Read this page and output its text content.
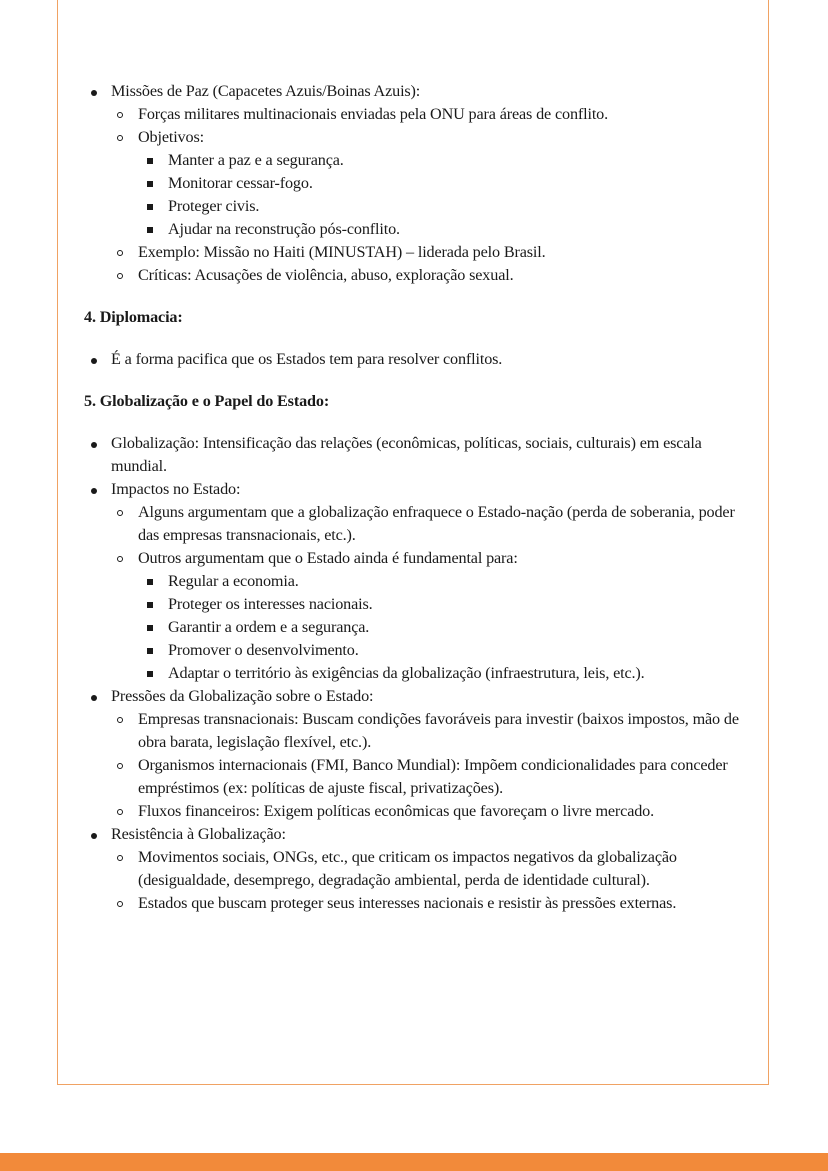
Missões de Paz (Capacetes Azuis/Boinas Azuis):
Forças militares multinacionais enviadas pela ONU para áreas de conflito.
Objetivos:
Manter a paz e a segurança.
Monitorar cessar-fogo.
Proteger civis.
Ajudar na reconstrução pós-conflito.
Exemplo: Missão no Haiti (MINUSTAH) – liderada pelo Brasil.
Críticas: Acusações de violência, abuso, exploração sexual.

4. Diplomacia:

É a forma pacifica que os Estados tem para resolver conflitos.

5. Globalização e o Papel do Estado:

Globalização: Intensificação das relações (econômicas, políticas, sociais, culturais) em escala mundial.
Impactos no Estado:
Alguns argumentam que a globalização enfraquece o Estado-nação (perda de soberania, poder das empresas transnacionais, etc.).
Outros argumentam que o Estado ainda é fundamental para:
Regular a economia.
Proteger os interesses nacionais.
Garantir a ordem e a segurança.
Promover o desenvolvimento.
Adaptar o território às exigências da globalização (infraestrutura, leis, etc.).
Pressões da Globalização sobre o Estado:
Empresas transnacionais: Buscam condições favoráveis para investir (baixos impostos, mão de obra barata, legislação flexível, etc.).
Organismos internacionais (FMI, Banco Mundial): Impõem condicionalidades para conceder empréstimos (ex: políticas de ajuste fiscal, privatizações).
Fluxos financeiros: Exigem políticas econômicas que favoreçam o livre mercado.
Resistência à Globalização:
Movimentos sociais, ONGs, etc., que criticam os impactos negativos da globalização (desigualdade, desemprego, degradação ambiental, perda de identidade cultural).
Estados que buscam proteger seus interesses nacionais e resistir às pressões externas.
